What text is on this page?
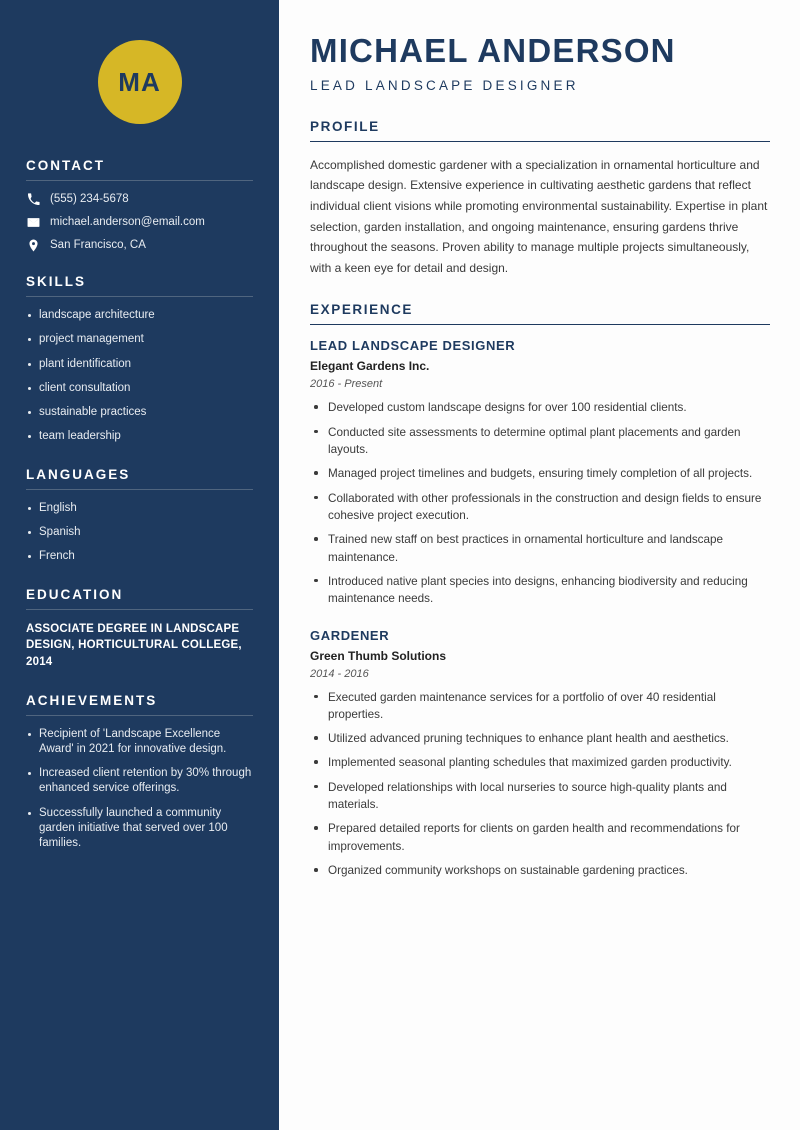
MA
CONTACT
(555) 234-5678
michael.anderson@email.com
San Francisco, CA
SKILLS
landscape architecture
project management
plant identification
client consultation
sustainable practices
team leadership
LANGUAGES
English
Spanish
French
EDUCATION
ASSOCIATE DEGREE IN LANDSCAPE DESIGN, HORTICULTURAL COLLEGE, 2014
ACHIEVEMENTS
Recipient of 'Landscape Excellence Award' in 2021 for innovative design.
Increased client retention by 30% through enhanced service offerings.
Successfully launched a community garden initiative that served over 100 families.
MICHAEL ANDERSON
LEAD LANDSCAPE DESIGNER
PROFILE

Accomplished domestic gardener with a specialization in ornamental horticulture and landscape design. Extensive experience in cultivating aesthetic gardens that reflect individual client visions while promoting environmental sustainability. Expertise in plant selection, garden installation, and ongoing maintenance, ensuring gardens thrive throughout the seasons. Proven ability to manage multiple projects simultaneously, with a keen eye for detail and design.

EXPERIENCE
LEAD LANDSCAPE DESIGNER
Elegant Gardens Inc.
2016 - Present
Developed custom landscape designs for over 100 residential clients.
Conducted site assessments to determine optimal plant placements and garden layouts.
Managed project timelines and budgets, ensuring timely completion of all projects.
Collaborated with other professionals in the construction and design fields to ensure cohesive project execution.
Trained new staff on best practices in ornamental horticulture and landscape maintenance.
Introduced native plant species into designs, enhancing biodiversity and reducing maintenance needs.
GARDENER
Green Thumb Solutions
2014 - 2016
Executed garden maintenance services for a portfolio of over 40 residential properties.
Utilized advanced pruning techniques to enhance plant health and aesthetics.
Implemented seasonal planting schedules that maximized garden productivity.
Developed relationships with local nurseries to source high-quality plants and materials.
Prepared detailed reports for clients on garden health and recommendations for improvements.
Organized community workshops on sustainable gardening practices.
